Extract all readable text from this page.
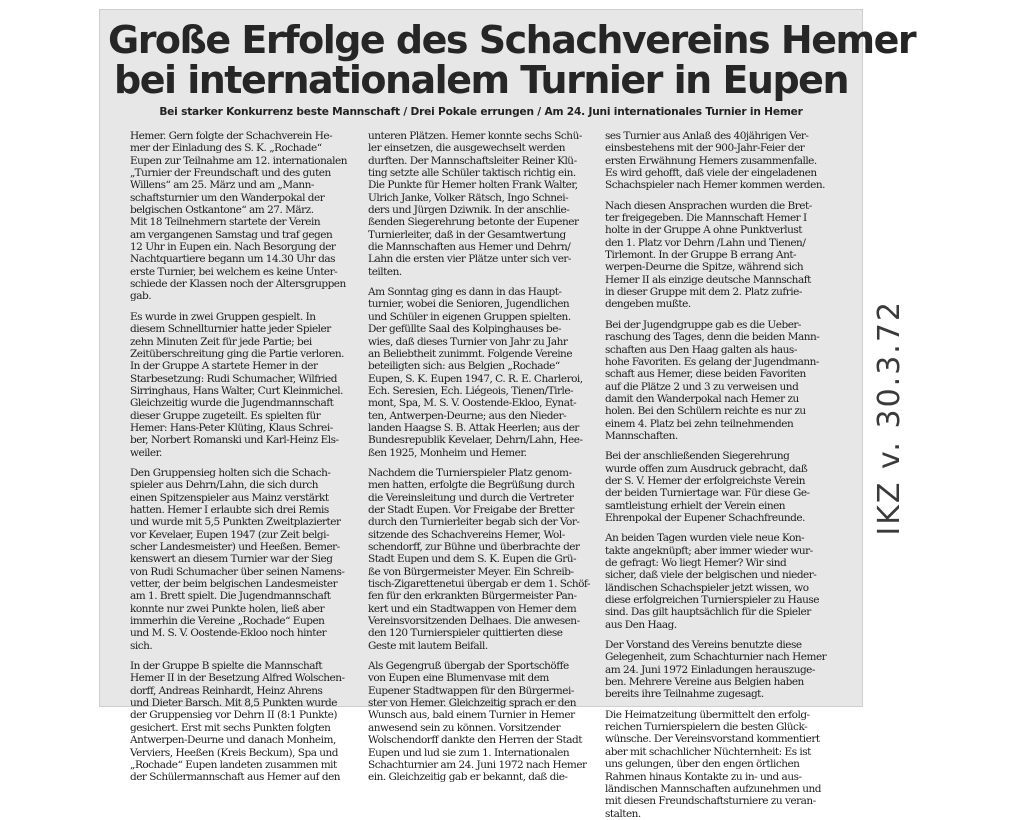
Große Erfolge des Schachvereins Hemer
bei internationalem Turnier in Eupen

Bei starker Konkurrenz beste Mannschaft / Drei Pokale errungen / Am 24. Juni internationales Turnier in Hemer

Hemer. Gern folgte der Schachverein He-
mer der Einladung des S. K. „Rochade“
Eupen zur Teilnahme am 12. internationalen
„Turnier der Freundschaft und des guten
Willens“ am 25. März und am „Mann-
schaftsturnier um den Wanderpokal der
belgischen Ostkantone“ am 27. März.
Mit 18 Teilnehmern startete der Verein
am vergangenen Samstag und traf gegen
12 Uhr in Eupen ein. Nach Besorgung der
Nachtquartiere begann um 14.30 Uhr das
erste Turnier, bei welchem es keine Unter-
schiede der Klassen noch der Altersgruppen
gab.
Es wurde in zwei Gruppen gespielt. In
diesem Schnellturnier hatte jeder Spieler
zehn Minuten Zeit für jede Partie; bei
Zeitüberschreitung ging die Partie verloren.
In der Gruppe A startete Hemer in der
Starbesetzung: Rudi Schumacher, Wilfried
Sirringhaus, Hans Walter, Curt Kleinmichel.
Gleichzeitig wurde die Jugendmannschaft
dieser Gruppe zugeteilt. Es spielten für
Hemer: Hans-Peter Klüting, Klaus Schrei-
ber, Norbert Romanski und Karl-Heinz Els-
weiler.
Den Gruppensieg holten sich die Schach-
spieler aus Dehrn/Lahn, die sich durch
einen Spitzenspieler aus Mainz verstärkt
hatten. Hemer I erlaubte sich drei Remis
und wurde mit 5,5 Punkten Zweitplazierter
vor Kevelaer, Eupen 1947 (zur Zeit belgi-
scher Landesmeister) und Heeßen. Bemer-
kenswert an diesem Turnier war der Sieg
von Rudi Schumacher über seinen Namens-
vetter, der beim belgischen Landesmeister
am 1. Brett spielt. Die Jugendmannschaft
konnte nur zwei Punkte holen, ließ aber
immerhin die Vereine „Rochade“ Eupen
und M. S. V. Oostende-Ekloo noch hinter
sich.
In der Gruppe B spielte die Mannschaft
Hemer II in der Besetzung Alfred Wolschen-
dorff, Andreas Reinhardt, Heinz Ahrens
und Dieter Barsch. Mit 8,5 Punkten wurde
der Gruppensieg vor Dehrn II (8:1 Punkte)
gesichert. Erst mit sechs Punkten folgten
Antwerpen-Deurne und danach Monheim,
Verviers, Heeßen (Kreis Beckum), Spa und
„Rochade“ Eupen landeten zusammen mit
der Schülermannschaft aus Hemer auf den
unteren Plätzen. Hemer konnte sechs Schü-
ler einsetzen, die ausgewechselt werden
durften. Der Mannschaftsleiter Reiner Klü-
ting setzte alle Schüler taktisch richtig ein.
Die Punkte für Hemer holten Frank Walter,
Ulrich Janke, Volker Rätsch, Ingo Schnei-
ders und Jürgen Dziwnik. In der anschlie-
ßenden Siegerehrung betonte der Eupener
Turnierleiter, daß in der Gesamtwertung
die Mannschaften aus Hemer und Dehrn/
Lahn die ersten vier Plätze unter sich ver-
teilten.
Am Sonntag ging es dann in das Haupt-
turnier, wobei die Senioren, Jugendlichen
und Schüler in eigenen Gruppen spielten.
Der gefüllte Saal des Kolpinghauses be-
wies, daß dieses Turnier von Jahr zu Jahr
an Beliebtheit zunimmt. Folgende Vereine
beteiligten sich: aus Belgien „Rochade“
Eupen, S. K. Eupen 1947, C. R. E. Charleroi,
Ech. Seresien, Ech. Liégeois, Tienen/Tirle-
mont, Spa, M. S. V. Oostende-Ekloo, Eynat-
ten, Antwerpen-Deurne; aus den Nieder-
landen Haagse S. B. Attak Heerlen; aus der
Bundesrepublik Kevelaer, Dehrn/Lahn, Hee-
ßen 1925, Monheim und Hemer.
Nachdem die Turnierspieler Platz genom-
men hatten, erfolgte die Begrüßung durch
die Vereinsleitung und durch die Vertreter
der Stadt Eupen. Vor Freigabe der Bretter
durch den Turnierleiter begab sich der Vor-
sitzende des Schachvereins Hemer, Wol-
schendorff, zur Bühne und überbrachte der
Stadt Eupen und dem S. K. Eupen die Grü-
ße von Bürgermeister Meyer. Ein Schreib-
tisch-Zigarettenetui übergab er dem 1. Schöf-
fen für den erkrankten Bürgermeister Pan-
kert und ein Stadtwappen von Hemer dem
Vereinsvorsitzenden Delhaes. Die anwesen-
den 120 Turnierspieler quittierten diese
Geste mit lautem Beifall.
Als Gegengruß übergab der Sportschöffe
von Eupen eine Blumenvase mit dem
Eupener Stadtwappen für den Bürgermei-
ster von Hemer. Gleichzeitig sprach er den
Wunsch aus, bald einem Turnier in Hemer
anwesend sein zu können. Vorsitzender
Wolschendorff dankte den Herren der Stadt
Eupen und lud sie zum 1. Internationalen
Schachturnier am 24. Juni 1972 nach Hemer
ein. Gleichzeitig gab er bekannt, daß die-
ses Turnier aus Anlaß des 40jährigen Ver-
einsbestehens mit der 900-Jahr-Feier der
ersten Erwähnung Hemers zusammenfalle.
Es wird gehofft, daß viele der eingeladenen
Schachspieler nach Hemer kommen werden.
Nach diesen Ansprachen wurden die Bret-
ter freigegeben. Die Mannschaft Hemer I
holte in der Gruppe A ohne Punktverlust
den 1. Platz vor Dehrn /Lahn und Tienen/
Tirlemont. In der Gruppe B errang Ant-
werpen-Deurne die Spitze, während sich
Hemer II als einzige deutsche Mannschaft
in dieser Gruppe mit dem 2. Platz zufrie-
dengeben mußte.
Bei der Jugendgruppe gab es die Ueber-
raschung des Tages, denn die beiden Mann-
schaften aus Den Haag galten als haus-
hohe Favoriten. Es gelang der Jugendmann-
schaft aus Hemer, diese beiden Favoriten
auf die Plätze 2 und 3 zu verweisen und
damit den Wanderpokal nach Hemer zu
holen. Bei den Schülern reichte es nur zu
einem 4. Platz bei zehn teilnehmenden
Mannschaften.
Bei der anschließenden Siegerehrung
wurde offen zum Ausdruck gebracht, daß
der S. V. Hemer der erfolgreichste Verein
der beiden Turniertage war. Für diese Ge-
samtleistung erhielt der Verein einen
Ehrenpokal der Eupener Schachfreunde.
An beiden Tagen wurden viele neue Kon-
takte angeknüpft; aber immer wieder wur-
de gefragt: Wo liegt Hemer? Wir sind
sicher, daß viele der belgischen und nieder-
ländischen Schachspieler jetzt wissen, wo
diese erfolgreichen Turnierspieler zu Hause
sind. Das gilt hauptsächlich für die Spieler
aus Den Haag.
Der Vorstand des Vereins benutzte diese
Gelegenheit, zum Schachturnier nach Hemer
am 24. Juni 1972 Einladungen herauszuge-
ben. Mehrere Vereine aus Belgien haben
bereits ihre Teilnahme zugesagt.
Die Heimatzeitung übermittelt den erfolg-
reichen Turnierspielern die besten Glück-
wünsche. Der Vereinsvorstand kommentiert
aber mit schachlicher Nüchternheit: Es ist
uns gelungen, über den engen örtlichen
Rahmen hinaus Kontakte zu in- und aus-
ländischen Mannschaften aufzunehmen und
mit diesen Freundschaftsturniere zu veran-
stalten.
IKZ v. 30.3.72
